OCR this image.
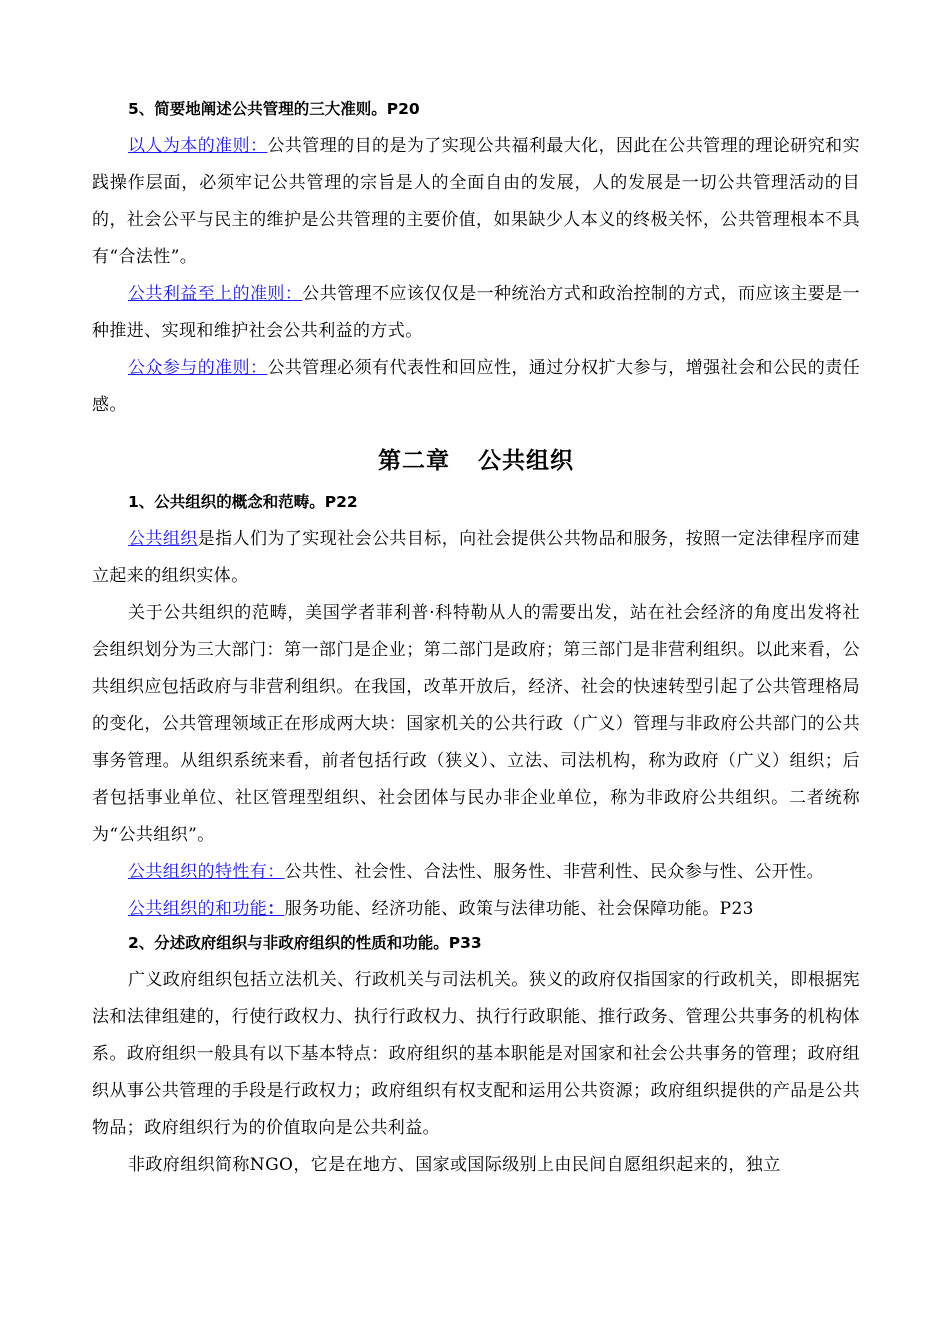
5、简要地阐述公共管理的三大准则。P20

以人为本的准则：公共管理的目的是为了实现公共福利最大化，因此在公共管理的理论研究和实践操作层面，必须牢记公共管理的宗旨是人的全面自由的发展，人的发展是一切公共管理活动的目的，社会公平与民主的维护是公共管理的主要价值，如果缺少人本义的终极关怀，公共管理根本不具有“合法性”。

公共利益至上的准则：公共管理不应该仅仅是一种统治方式和政治控制的方式，而应该主要是一种推进、实现和维护社会公共利益的方式。

公众参与的准则：公共管理必须有代表性和回应性，通过分权扩大参与，增强社会和公民的责任感。

第二章 公共组织
1、公共组织的概念和范畴。P22

公共组织是指人们为了实现社会公共目标，向社会提供公共物品和服务，按照一定法律程序而建立起来的组织实体。

关于公共组织的范畴，美国学者菲利普·科特勒从人的需要出发，站在社会经济的角度出发将社会组织划分为三大部门：第一部门是企业；第二部门是政府；第三部门是非营利组织。以此来看，公共组织应包括政府与非营利组织。在我国，改革开放后，经济、社会的快速转型引起了公共管理格局的变化，公共管理领域正在形成两大块：国家机关的公共行政（广义）管理与非政府公共部门的公共事务管理。从组织系统来看，前者包括行政（狭义）、立法、司法机构，称为政府（广义）组织；后者包括事业单位、社区管理型组织、社会团体与民办非企业单位，称为非政府公共组织。二者统称为“公共组织”。

公共组织的特性有：公共性、社会性、合法性、服务性、非营利性、民众参与性、公开性。

公共组织的和功能：服务功能、经济功能、政策与法律功能、社会保障功能。P23

2、分述政府组织与非政府组织的性质和功能。P33

广义政府组织包括立法机关、行政机关与司法机关。狭义的政府仅指国家的行政机关，即根据宪法和法律组建的，行使行政权力、执行行政权力、执行行政职能、推行政务、管理公共事务的机构体系。政府组织一般具有以下基本特点：政府组织的基本职能是对国家和社会公共事务的管理；政府组织从事公共管理的手段是行政权力；政府组织有权支配和运用公共资源；政府组织提供的产品是公共物品；政府组织行为的价值取向是公共利益。

非政府组织简称NGO，它是在地方、国家或国际级别上由民间自愿组织起来的，独立
